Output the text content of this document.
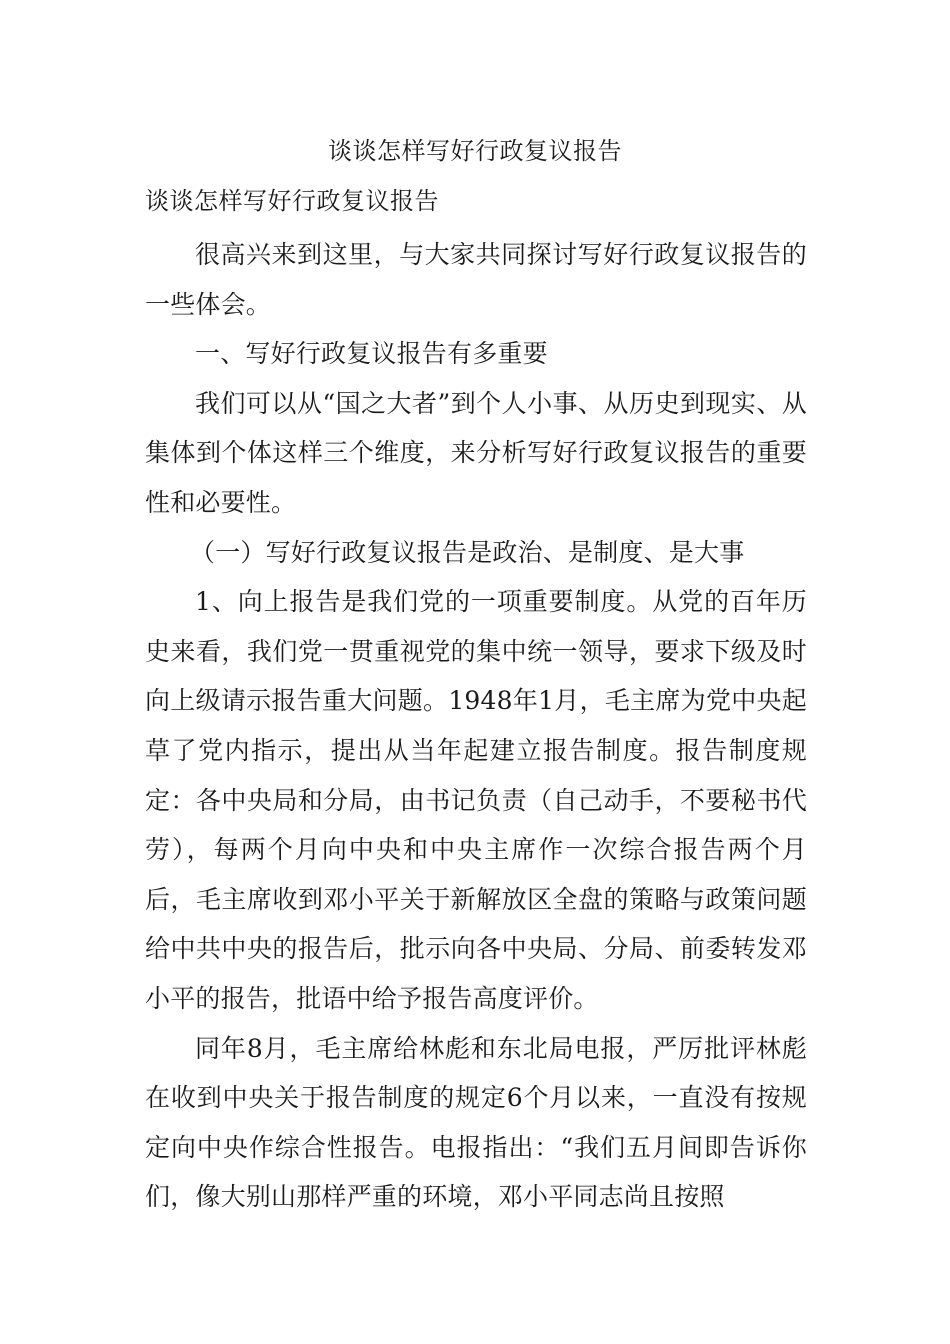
谈谈怎样写好行政复议报告
谈谈怎样写好行政复议报告

很高兴来到这里，与大家共同探讨写好行政复议报告的一些体会。

一、写好行政复议报告有多重要

我们可以从“国之大者”到个人小事、从历史到现实、从集体到个体这样三个维度，来分析写好行政复议报告的重要性和必要性。

（一）写好行政复议报告是政治、是制度、是大事

1、向上报告是我们党的一项重要制度。从党的百年历史来看，我们党一贯重视党的集中统一领导，要求下级及时向上级请示报告重大问题。1948年1月，毛主席为党中央起草了党内指示，提出从当年起建立报告制度。报告制度规定：各中央局和分局，由书记负责（自己动手，不要秘书代劳），每两个月向中央和中央主席作一次综合报告两个月后，毛主席收到邓小平关于新解放区全盘的策略与政策问题给中共中央的报告后，批示向各中央局、分局、前委转发邓小平的报告，批语中给予报告高度评价。

同年8月，毛主席给林彪和东北局电报，严厉批评林彪在收到中央关于报告制度的规定6个月以来，一直没有按规定向中央作综合性报告。电报指出：“我们五月间即告诉你们，像大别山那样严重的环境，邓小平同志尚且按照
